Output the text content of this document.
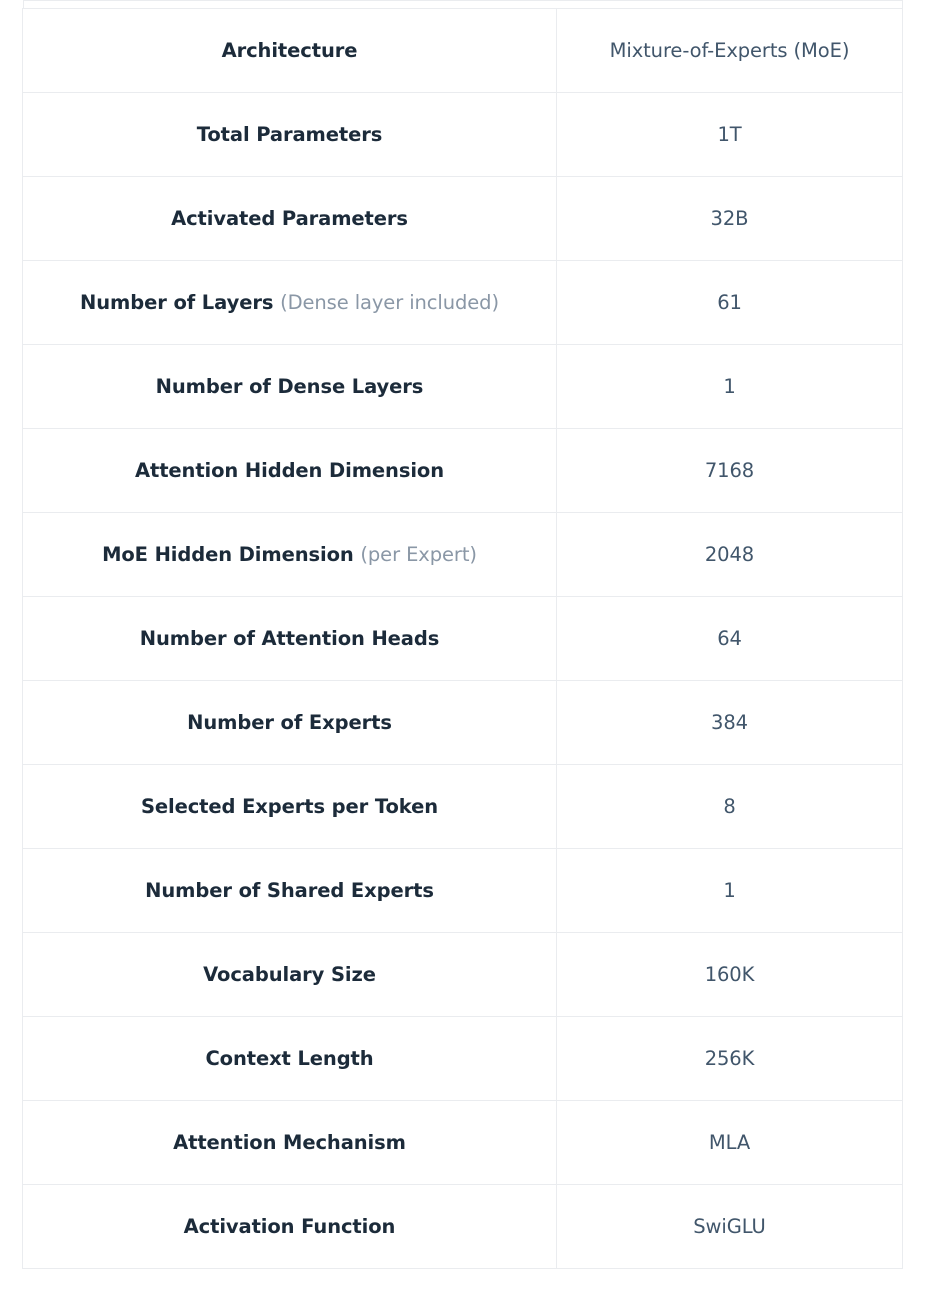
Architecture	Mixture-of-Experts (MoE)
Total Parameters	1T
Activated Parameters	32B
Number of Layers (Dense layer included)	61
Number of Dense Layers	1
Attention Hidden Dimension	7168
MoE Hidden Dimension (per Expert)	2048
Number of Attention Heads	64
Number of Experts	384
Selected Experts per Token	8
Number of Shared Experts	1
Vocabulary Size	160K
Context Length	256K
Attention Mechanism	MLA
Activation Function	SwiGLU
